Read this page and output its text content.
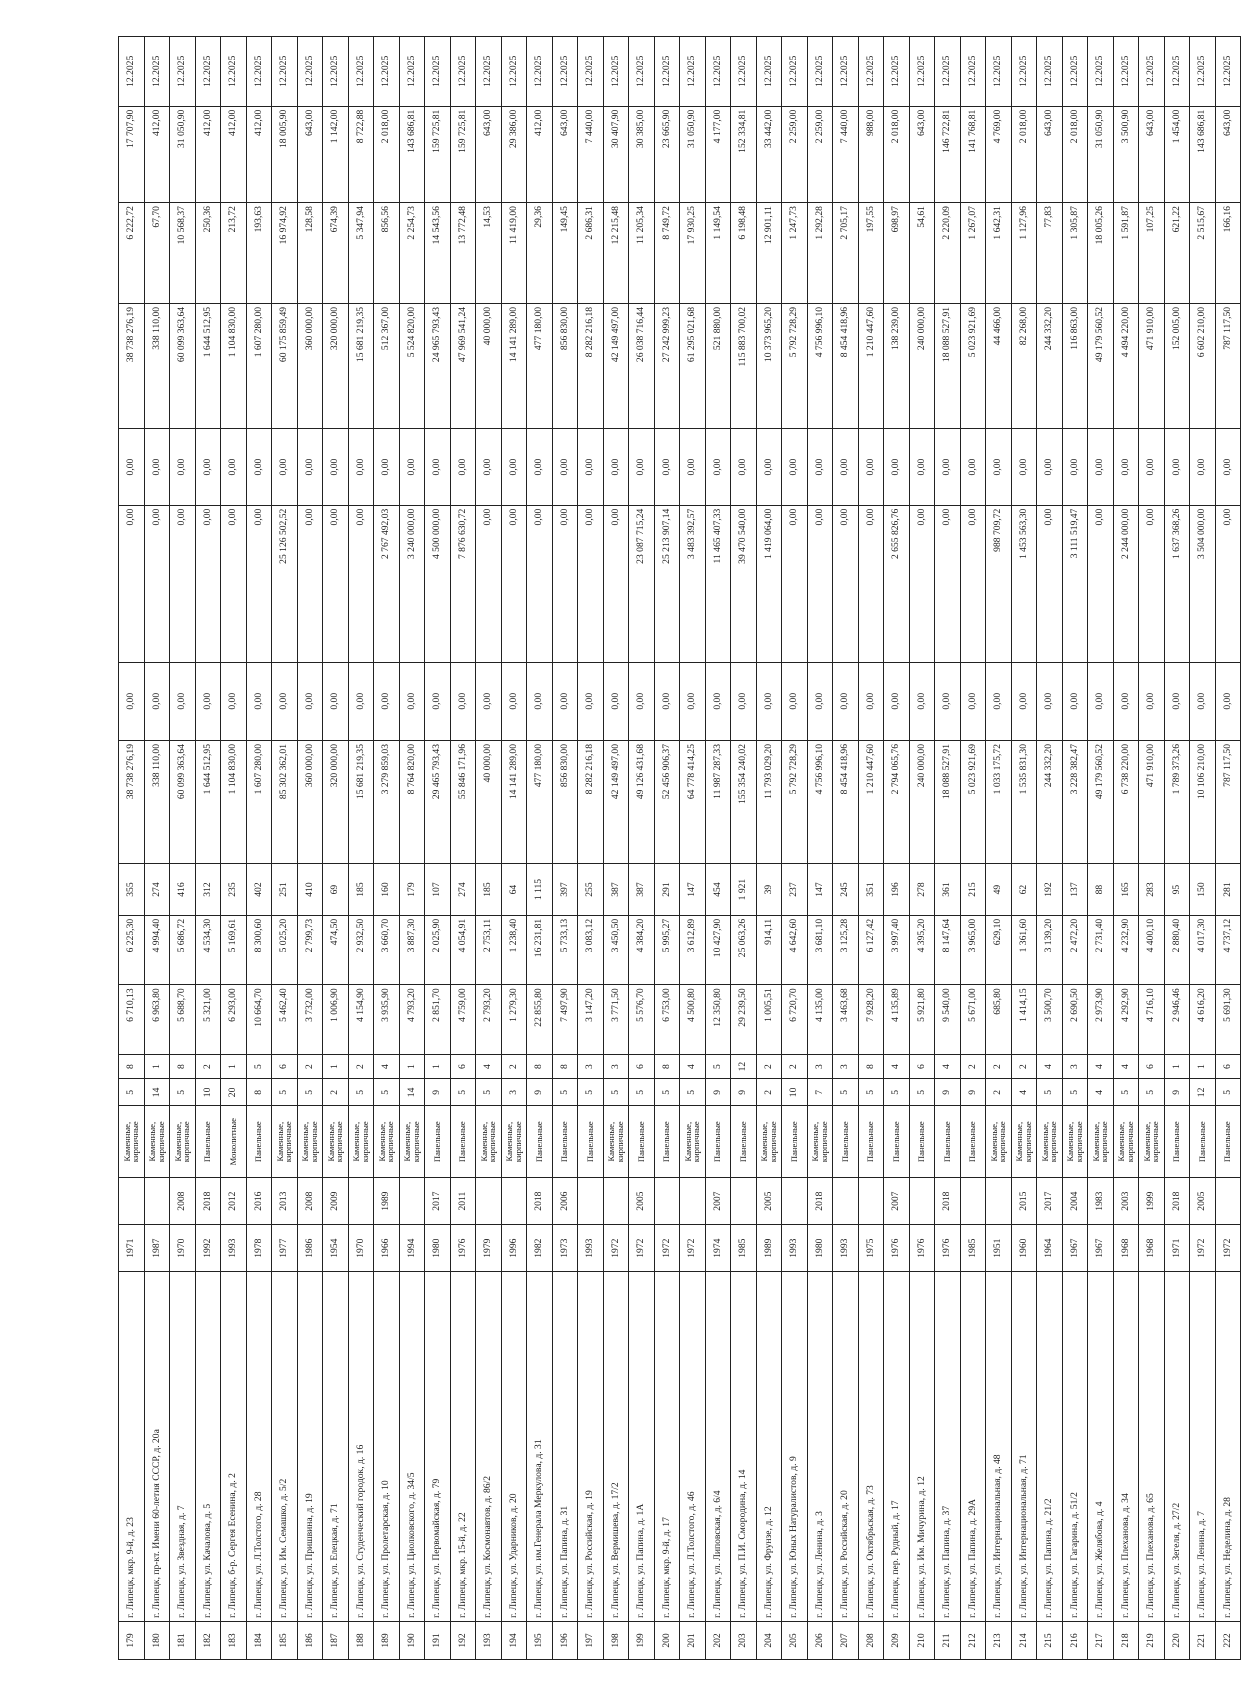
179	г. Липецк, мкр. 9-й, д. 23	1971		Каменные, кирпичные	5	8	6 710,13	6 225,30	355	38 738 276,19	0,00	0,00	0,00	38 738 276,19	6 222,72	17 707,90	12.2025
180	г. Липецк, пр-кт. Имени 60-летия СССР, д. 20а	1987		Каменные, кирпичные	14	1	6 963,80	4 994,40	274	338 110,00	0,00	0,00	0,00	338 110,00	67,70	412,00	12.2025
181	г. Липецк, ул. Звездная, д. 7	1970	2008	Каменные, кирпичные	5	8	5 688,70	5 686,72	416	60 099 363,64	0,00	0,00	0,00	60 099 363,64	10 568,37	31 050,90	12.2025
182	г. Липецк, ул. Качалова, д. 5	1992	2018	Панельные	10	2	5 321,00	4 534,30	312	1 644 512,95	0,00	0,00	0,00	1 644 512,95	250,36	412,00	12.2025
183	г. Липецк, б-р. Сергея Есенина, д. 2	1993	2012	Монолитные	20	1	6 293,00	5 169,61	235	1 104 830,00	0,00	0,00	0,00	1 104 830,00	213,72	412,00	12.2025
184	г. Липецк, ул. Л.Толстого, д. 28	1978	2016	Панельные	8	5	10 664,70	8 300,60	402	1 607 280,00	0,00	0,00	0,00	1 607 280,00	193,63	412,00	12.2025
185	г. Липецк, ул. Им. Семашко, д. 5/2	1977	2013	Каменные, кирпичные	5	6	5 462,40	5 025,20	251	85 302 362,01	0,00	25 126 502,52	0,00	60 175 859,49	16 974,92	18 005,90	12.2025
186	г. Липецк, ул. Пришвина, д. 19	1986	2008	Каменные, кирпичные	5	2	3 732,00	2 799,73	410	360 000,00	0,00	0,00	0,00	360 000,00	128,58	643,00	12.2025
187	г. Липецк, ул. Елецкая, д. 71	1954	2009	Каменные, кирпичные	2	1	1 006,90	474,50	69	320 000,00	0,00	0,00	0,00	320 000,00	674,39	1 142,00	12.2025
188	г. Липецк, ул. Студенческий городок, д. 16	1970		Каменные, кирпичные	5	2	4 154,90	2 932,50	185	15 681 219,35	0,00	0,00	0,00	15 681 219,35	5 347,94	8 722,88	12.2025
189	г. Липецк, ул. Пролетарская, д. 10	1966	1989	Каменные, кирпичные	5	4	3 935,90	3 660,70	160	3 279 859,03	0,00	2 767 492,03	0,00	512 367,00	856,56	2 018,00	12.2025
190	г. Липецк, ул. Циолковского, д. 34/5	1994		Каменные, кирпичные	14	1	4 793,20	3 887,30	179	8 764 820,00	0,00	3 240 000,00	0,00	5 524 820,00	2 254,73	143 686,81	12.2025
191	г. Липецк, ул. Первомайская, д. 79	1980	2017	Панельные	9	1	2 851,70	2 025,90	107	29 465 793,43	0,00	4 500 000,00	0,00	24 965 793,43	14 543,56	159 725,81	12.2025
192	г. Липецк, мкр. 15-й, д. 22	1976	2011	Панельные	5	6	4 759,00	4 054,91	274	55 846 171,96	0,00	7 876 630,72	0,00	47 969 541,24	13 772,48	159 725,81	12.2025
193	г. Липецк, ул. Космонавтов, д. 86/2	1979		Каменные, кирпичные	5	4	2 793,20	2 753,11	185	40 000,00	0,00	0,00	0,00	40 000,00	14,53	643,00	12.2025
194	г. Липецк, ул. Ударников, д. 20	1996		Каменные, кирпичные	3	2	1 279,30	1 238,40	64	14 141 289,00	0,00	0,00	0,00	14 141 289,00	11 419,00	29 386,00	12.2025
195	г. Липецк, ул. им.Генерала Меркулова, д. 31	1982	2018	Панельные	9	8	22 855,80	16 231,81	1 115	477 180,00	0,00	0,00	0,00	477 180,00	29,36	412,00	12.2025
196	г. Липецк, ул. Папина, д. 31	1973	2006	Панельные	5	8	7 497,90	5 733,13	397	856 830,00	0,00	0,00	0,00	856 830,00	149,45	643,00	12.2025
197	г. Липецк, ул. Российская, д. 19	1993		Панельные	5	3	3 147,20	3 083,12	255	8 282 216,18	0,00	0,00	0,00	8 282 216,18	2 686,31	7 440,00	12.2025
198	г. Липецк, ул. Вермишева, д. 17/2	1972		Каменные, кирпичные	5	3	3 771,50	3 450,50	387	42 149 497,00	0,00	0,00	0,00	42 149 497,00	12 215,48	30 407,90	12.2025
199	г. Липецк, ул. Папина, д. 1А	1972	2005	Панельные	5	6	5 576,70	4 384,20	387	49 126 431,68	0,00	23 087 715,24	0,00	26 038 716,44	11 205,34	30 385,00	12.2025
200	г. Липецк, мкр. 9-й, д. 17	1972		Панельные	5	8	6 753,00	5 995,27	291	52 456 906,37	0,00	25 213 907,14	0,00	27 242 999,23	8 749,72	23 665,90	12.2025
201	г. Липецк, ул. Л.Толстого, д. 46	1972		Каменные, кирпичные	5	4	4 500,80	3 612,89	147	64 778 414,25	0,00	3 483 392,57	0,00	61 295 021,68	17 930,25	31 050,90	12.2025
202	г. Липецк, ул. Липовская, д. 6/4	1974	2007	Панельные	9	5	12 350,80	10 427,90	454	11 987 287,33	0,00	11 465 407,33	0,00	521 880,00	1 149,54	4 177,00	12.2025
203	г. Липецк, ул. П.И. Смородина, д. 14	1985		Панельные	9	12	29 239,50	25 063,26	1 921	155 354 240,02	0,00	39 470 540,00	0,00	115 883 700,02	6 198,48	152 334,81	12.2025
204	г. Липецк, ул. Фрунзе, д. 12	1989	2005	Каменные, кирпичные	2	2	1 005,51	914,11	39	11 793 029,20	0,00	1 419 064,00	0,00	10 373 965,20	12 901,11	33 442,00	12.2025
205	г. Липецк, ул. Юных Натуралистов, д. 9	1993		Панельные	10	2	6 720,70	4 642,60	237	5 792 728,29	0,00	0,00	0,00	5 792 728,29	1 247,73	2 259,00	12.2025
206	г. Липецк, ул. Ленина, д. 3	1980	2018	Каменные, кирпичные	7	3	4 135,00	3 681,10	147	4 756 996,10	0,00	0,00	0,00	4 756 996,10	1 292,28	2 259,00	12.2025
207	г. Липецк, ул. Российская, д. 20	1993		Панельные	5	3	3 463,68	3 125,28	245	8 454 418,96	0,00	0,00	0,00	8 454 418,96	2 705,17	7 440,00	12.2025
208	г. Липецк, ул. Октябрьская, д. 73	1975		Панельные	5	8	7 928,20	6 127,42	351	1 210 447,60	0,00	0,00	0,00	1 210 447,60	197,55	988,00	12.2025
209	г. Липецк, пер. Рудный, д. 17	1976	2007	Панельные	5	4	4 135,89	3 997,40	196	2 794 065,76	0,00	2 655 826,76	0,00	138 239,00	698,97	2 018,00	12.2025
210	г. Липецк, ул. Им. Мичурина, д. 12	1976		Панельные	5	6	5 921,80	4 395,20	278	240 000,00	0,00	0,00	0,00	240 000,00	54,61	643,00	12.2025
211	г. Липецк, ул. Папина, д. 37	1976	2018	Панельные	9	4	9 540,00	8 147,64	361	18 088 527,91	0,00	0,00	0,00	18 088 527,91	2 220,09	146 722,81	12.2025
212	г. Липецк, ул. Папина, д. 29А	1985		Панельные	9	2	5 671,00	3 965,00	215	5 023 921,69	0,00	0,00	0,00	5 023 921,69	1 267,07	141 768,81	12.2025
213	г. Липецк, ул. Интернациональная, д. 48	1951		Каменные, кирпичные	2	2	685,80	629,10	49	1 033 175,72	0,00	988 709,72	0,00	44 466,00	1 642,31	4 769,00	12.2025
214	г. Липецк, ул. Интернациональная, д. 71	1960	2015	Каменные, кирпичные	4	2	1 414,15	1 361,60	62	1 535 831,30	0,00	1 453 563,30	0,00	82 268,00	1 127,96	2 018,00	12.2025
215	г. Липецк, ул. Папина, д. 21/2	1964	2017	Каменные, кирпичные	5	4	3 500,70	3 139,20	192	244 332,20	0,00	0,00	0,00	244 332,20	77,83	643,00	12.2025
216	г. Липецк, ул. Гагарина, д. 51/2	1967	2004	Каменные, кирпичные	5	3	2 690,50	2 472,20	137	3 228 382,47	0,00	3 111 519,47	0,00	116 863,00	1 305,87	2 018,00	12.2025
217	г. Липецк, ул. Желябова, д. 4	1967	1983	Каменные, кирпичные	4	4	2 973,90	2 731,40	88	49 179 560,52	0,00	0,00	0,00	49 179 560,52	18 005,26	31 050,90	12.2025
218	г. Липецк, ул. Плеханова, д. 34	1968	2003	Каменные, кирпичные	5	4	4 292,90	4 232,90	165	6 738 220,00	0,00	2 244 000,00	0,00	4 494 220,00	1 591,87	3 500,90	12.2025
219	г. Липецк, ул. Плеханова, д. 65	1968	1999	Каменные, кирпичные	5	6	4 716,10	4 400,10	283	471 910,00	0,00	0,00	0,00	471 910,00	107,25	643,00	12.2025
220	г. Липецк, ул. Зегеля, д. 27/2	1971	2018	Панельные	9	1	2 946,46	2 880,40	95	1 789 373,26	0,00	1 637 368,26	0,00	152 005,00	621,22	1 454,00	12.2025
221	г. Липецк, ул. Ленина, д. 7	1972	2005	Панельные	12	1	4 616,20	4 017,30	150	10 106 210,00	0,00	3 504 000,00	0,00	6 602 210,00	2 515,67	143 686,81	12.2025
222	г. Липецк, ул. Неделина, д. 28	1972		Панельные	5	6	5 691,30	4 737,12	281	787 117,50	0,00	0,00	0,00	787 117,50	166,16	643,00	12.2025
